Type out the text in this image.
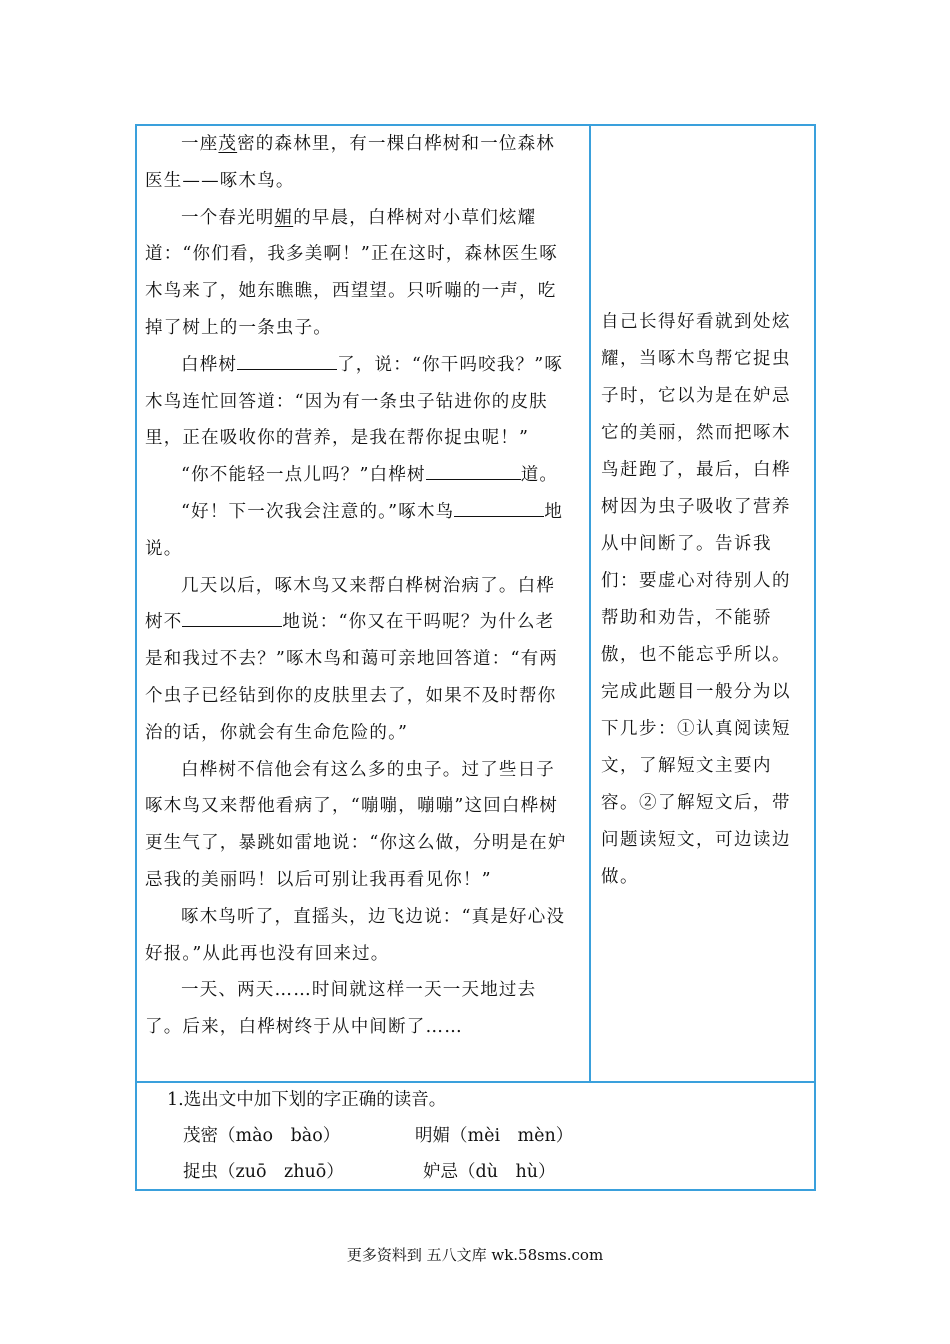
一座茂密的森林里，有一棵白桦树和一位森林医生——啄木鸟。

一个春光明媚的早晨，白桦树对小草们炫耀道：“你们看，我多美啊！”正在这时，森林医生啄木鸟来了，她东瞧瞧，西望望。只听嘣的一声，吃掉了树上的一条虫子。

白桦树	了，说：“你干吗咬我？”啄木鸟连忙回答道：“因为有一条虫子钻进你的皮肤里，正在吸收你的营养，是我在帮你捉虫呢！”

“你不能轻一点儿吗？”白桦树	道。

“好！下一次我会注意的。”啄木鸟	地说。

几天以后，啄木鸟又来帮白桦树治病了。白桦树不	地说：“你又在干吗呢？为什么老是和我过不去？”啄木鸟和蔼可亲地回答道：“有两个虫子已经钻到你的皮肤里去了，如果不及时帮你治的话，你就会有生命危险的。”

白桦树不信他会有这么多的虫子。过了些日子啄木鸟又来帮他看病了，“嘣嘣，嘣嘣”这回白桦树更生气了，暴跳如雷地说：“你这么做，分明是在妒忌我的美丽吗！以后可别让我再看见你！”

啄木鸟听了，直摇头，边飞边说：“真是好心没好报。”从此再也没有回来过。

一天、两天……时间就这样一天一天地过去了。后来，白桦树终于从中间断了……

自己长得好看就到处炫耀，当啄木鸟帮它捉虫子时，它以为是在妒忌它的美丽，然而把啄木鸟赶跑了，最后，白桦树因为虫子吸收了营养从中间断了。告诉我们：要虚心对待别人的帮助和劝告，不能骄傲，也不能忘乎所以。完成此题目一般分为以下几步：①认真阅读短文，了解短文主要内容。②了解短文后，带问题读短文，可边读边做。
1.选出文中加下划的字正确的读音。
茂密（mào　bào）	明媚（mèi　mèn）
捉虫（zuō　zhuō）	妒忌（dù　hù）
更多资料到 五八文库 wk.58sms.com
